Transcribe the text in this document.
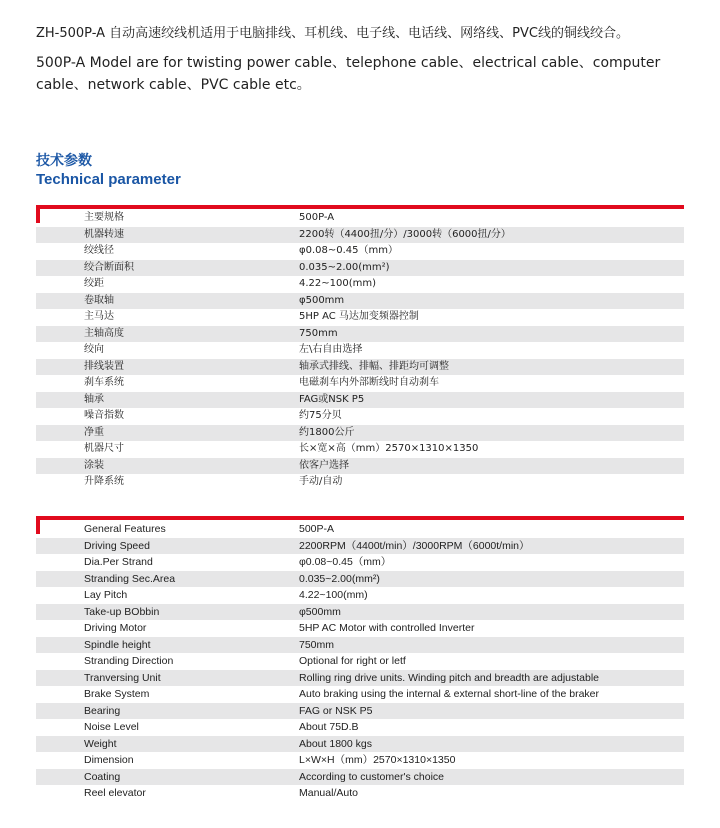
ZH-500P-A 自动高速绞线机适用于电脑排线、耳机线、电子线、电话线、网络线、PVC线的铜线绞合。
500P-A Model are for twisting power cable、telephone cable、electrical cable、computer cable、network cable、PVC cable etc。
技术参数
Technical parameter
主要规格	500P-A
机器转速	2200转（4400扭/分）/3000转（6000扭/分）
绞线径	φ0.08~0.45（mm）
绞合断面积	0.035~2.00(mm²)
绞距	4.22~100(mm)
卷取轴	φ500mm
主马达	5HP AC 马达加变频器控制
主轴高度	750mm
绞向	左\右自由选择
排线装置	轴承式排线、排幅、排距均可调整
刹车系统	电磁刹车内外部断线时自动刹车
轴承	FAG或NSK P5
噪音指数	约75分贝
净重	约1800公斤
机器尺寸	长×宽×高（mm）2570×1310×1350
涂装	依客户选择
升降系统	手动/自动
General Features	500P-A
Driving Speed	2200RPM（4400t/min）/3000RPM（6000t/min）
Dia.Per Strand	φ0.08~0.45（mm）
Stranding Sec.Area	0.035~2.00(mm²)
Lay Pitch	4.22~100(mm)
Take-up BObbin	φ500mm
Driving Motor	5HP AC Motor with controlled Inverter
Spindle height	750mm
Stranding Direction	Optional for right or letf
Tranversing Unit	Rolling ring drive units. Winding pitch and breadth are adjustable
Brake System	Auto braking using the internal & external short-line of the braker
Bearing	FAG or NSK P5
Noise Level	About 75D.B
Weight	About 1800 kgs
Dimension	L×W×H（mm）2570×1310×1350
Coating	According to customer's choice
Reel elevator	Manual/Auto
